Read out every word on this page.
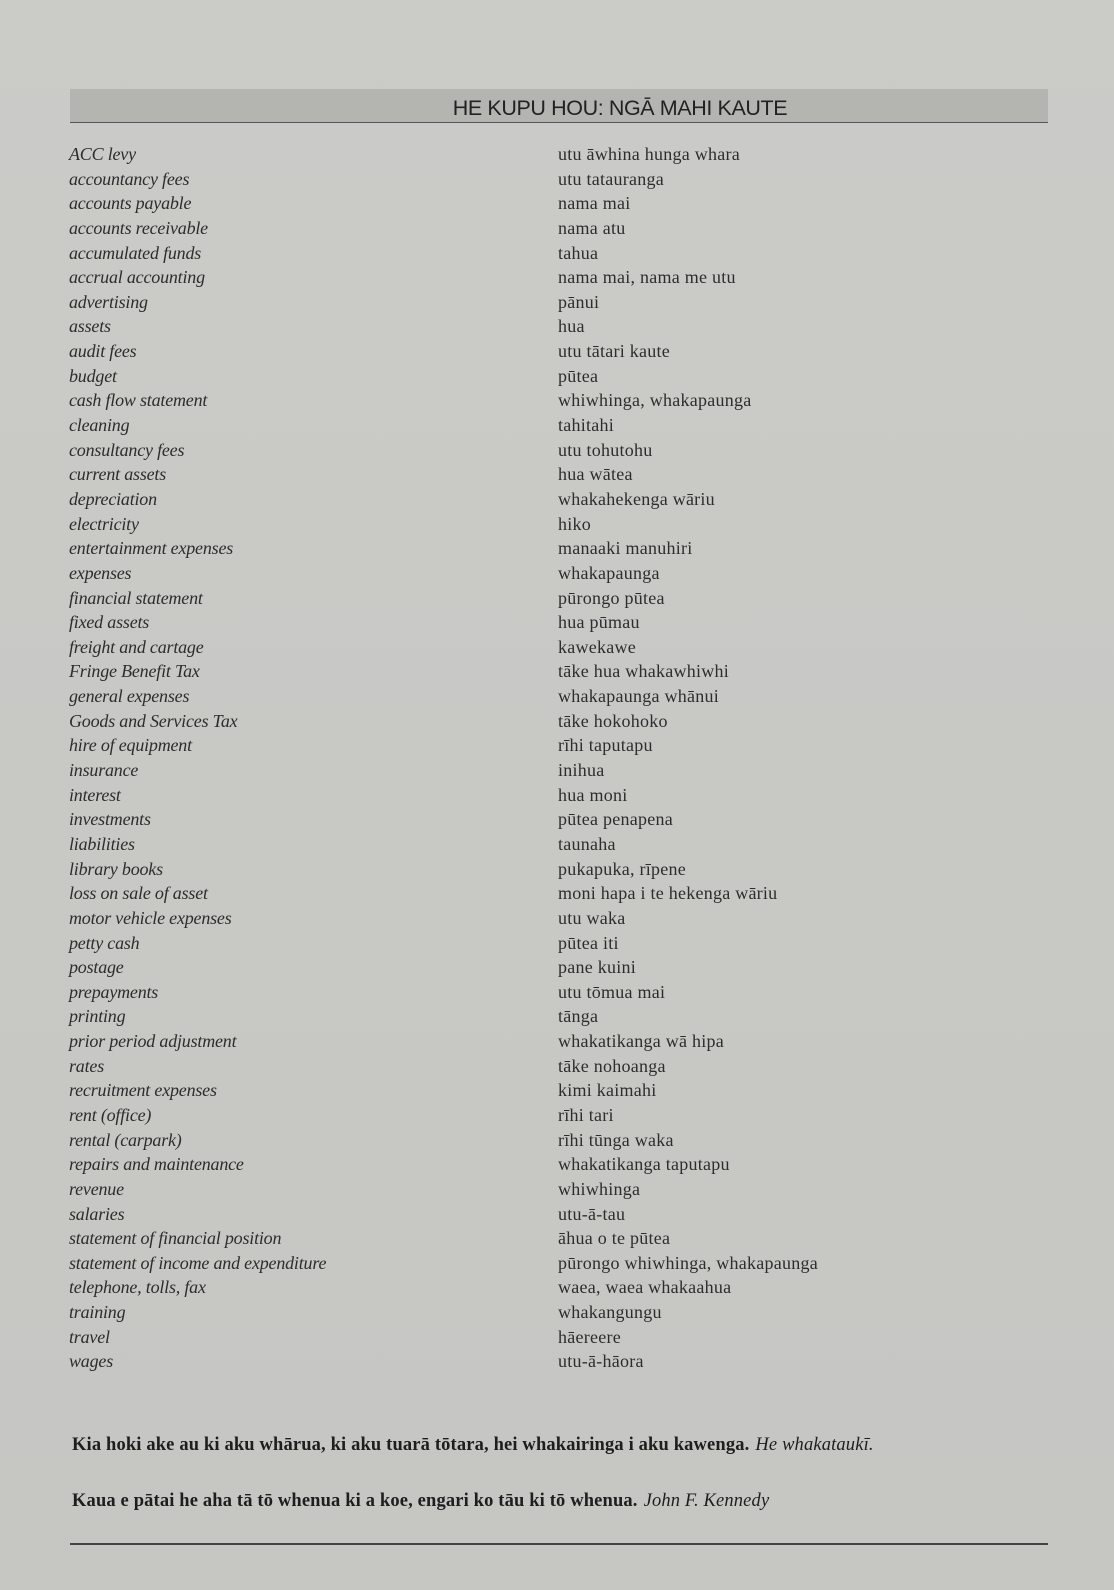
HE KUPU HOU: NGĀ MAHI KAUTE
ACC levy
accountancy fees
accounts payable
accounts receivable
accumulated funds
accrual accounting
advertising
assets
audit fees
budget
cash flow statement
cleaning
consultancy fees
current assets
depreciation
electricity
entertainment expenses
expenses
financial statement
fixed assets
freight and cartage
Fringe Benefit Tax
general expenses
Goods and Services Tax
hire of equipment
insurance
interest
investments
liabilities
library books
loss on sale of asset
motor vehicle expenses
petty cash
postage
prepayments
printing
prior period adjustment
rates
recruitment expenses
rent (office)
rental (carpark)
repairs and maintenance
revenue
salaries
statement of financial position
statement of income and expenditure
telephone, tolls, fax
training
travel
wages
utu āwhina hunga whara
utu tatauranga
nama mai
nama atu
tahua
nama mai, nama me utu
pānui
hua
utu tātari kaute
pūtea
whiwhinga, whakapaunga
tahitahi
utu tohutohu
hua wātea
whakahekenga wāriu
hiko
manaaki manuhiri
whakapaunga
pūrongo pūtea
hua pūmau
kawekawe
tāke hua whakawhiwhi
whakapaunga whānui
tāke hokohoko
rīhi taputapu
inihua
hua moni
pūtea penapena
taunaha
pukapuka, rīpene
moni hapa i te hekenga wāriu
utu waka
pūtea iti
pane kuini
utu tōmua mai
tānga
whakatikanga wā hipa
tāke nohoanga
kimi kaimahi
rīhi tari
rīhi tūnga waka
whakatikanga taputapu
whiwhinga
utu-ā-tau
āhua o te pūtea
pūrongo whiwhinga, whakapaunga
waea, waea whakaahua
whakangungu
hāereere
utu-ā-hāora
Kia hoki ake au ki aku whārua, ki aku tuarā tōtara, hei whakairinga i aku kawenga. He whakataukī.
Kaua e pātai he aha tā tō whenua ki a koe, engari ko tāu ki tō whenua. John F. Kennedy
